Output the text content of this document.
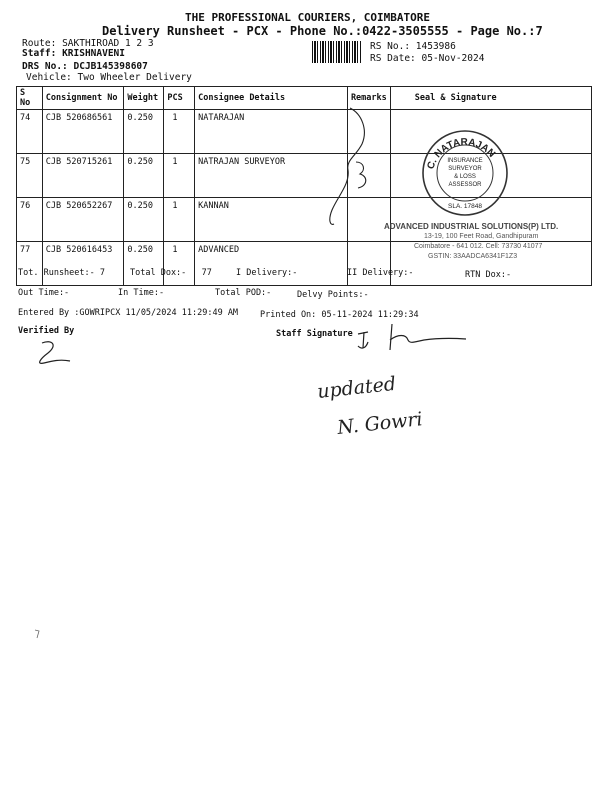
THE PROFESSIONAL COURIERS, COIMBATORE
Delivery Runsheet - PCX - Phone No.:0422-3505555 - Page No.:7
Route: SAKTHIROAD 1 2 3
Staff: KRISHNAVENI
DRS No.: DCJB145398607
Vehicle: Two Wheeler Delivery
RS No.: 1453986
RS Date: 05-Nov-2024
S No	Consignment No	Weight	PCS	Consignee Details	Remarks	Seal & Signature
74	CJB 520686561	0.250	1	NATARAJAN		
75	CJB 520715261	0.250	1	NATRAJAN SURVEYOR		
76	CJB 520652267	0.250	1	KANNAN		
77	CJB 520616453	0.250	1	ADVANCED		
C. NATARAJAN
INSURANCE
SURVEYOR
& LOSS
ASSESSOR
SLA. 17848
ADVANCED INDUSTRIAL SOLUTIONS(P) LTD.
13-19, 100 Feet Road, Gandhipuram
Coimbatore - 641 012. Cell: 73730 41077
GSTIN: 33AADCA6341F1Z3
Tot. Runsheet:- 7	Total Dox:-   77	I Delivery:-	II Delivery:-	RTN Dox:-
Out Time:-	In Time:-	Total POD:-	Delvy Points:-
Entered By :GOWRIPCX 11/05/2024 11:29:49 AM	Printed On: 05-11-2024 11:29:34
Verified By	Staff Signature
updated
N. Gowri
